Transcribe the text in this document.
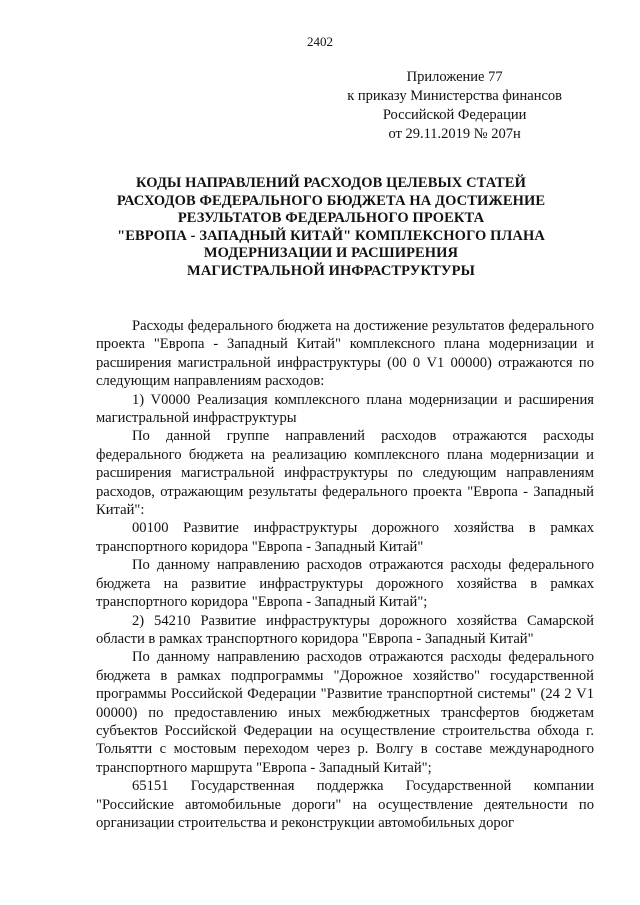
2402
Приложение 77
к приказу Министерства финансов
Российской Федерации
от 29.11.2019 № 207н
КОДЫ НАПРАВЛЕНИЙ РАСХОДОВ ЦЕЛЕВЫХ СТАТЕЙ
РАСХОДОВ ФЕДЕРАЛЬНОГО БЮДЖЕТА НА ДОСТИЖЕНИЕ
РЕЗУЛЬТАТОВ ФЕДЕРАЛЬНОГО ПРОЕКТА
"ЕВРОПА - ЗАПАДНЫЙ КИТАЙ" КОМПЛЕКСНОГО ПЛАНА
МОДЕРНИЗАЦИИ И РАСШИРЕНИЯ
МАГИСТРАЛЬНОЙ ИНФРАСТРУКТУРЫ

Расходы федерального бюджета на достижение результатов федерального проекта "Европа - Западный Китай" комплексного плана модернизации и расширения магистральной инфраструктуры (00 0 V1 00000) отражаются по следующим направлениям расходов:

1) V0000 Реализация комплексного плана модернизации и расширения магистральной инфраструктуры

По данной группе направлений расходов отражаются расходы федерального бюджета на реализацию комплексного плана модернизации и расширения магистральной инфраструктуры по следующим направлениям расходов, отражающим результаты федерального проекта "Европа - Западный Китай":

00100 Развитие инфраструктуры дорожного хозяйства в рамках транспортного коридора "Европа - Западный Китай"

По данному направлению расходов отражаются расходы федерального бюджета на развитие инфраструктуры дорожного хозяйства в рамках транспортного коридора "Европа - Западный Китай";

2) 54210 Развитие инфраструктуры дорожного хозяйства Самарской области в рамках транспортного коридора "Европа - Западный Китай"

По данному направлению расходов отражаются расходы федерального бюджета в рамках подпрограммы "Дорожное хозяйство" государственной программы Российской Федерации "Развитие транспортной системы" (24 2 V1 00000) по предоставлению иных межбюджетных трансфертов бюджетам субъектов Российской Федерации на осуществление строительства обхода г. Тольятти с мостовым переходом через р. Волгу в составе международного транспортного маршрута "Европа - Западный Китай";

65151 Государственная поддержка Государственной компании "Российские автомобильные дороги" на осуществление деятельности по организации строительства и реконструкции автомобильных дорог
